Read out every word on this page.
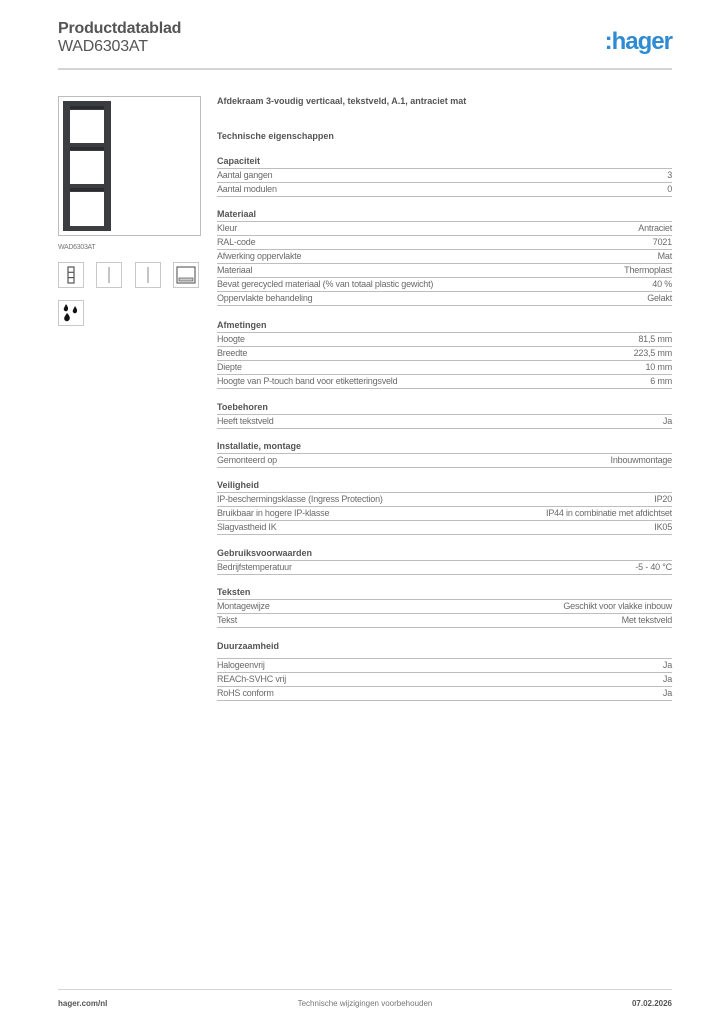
Productdatablad
WAD6303AT	:hager
WAD6303AT
Afdekraam 3-voudig verticaal, tekstveld, A.1, antraciet mat
Technische eigenschappen
Capaciteit
Aantal gangen	3
Aantal modulen	0
Materiaal
Kleur	Antraciet
RAL-code	7021
Afwerking oppervlakte	Mat
Materiaal	Thermoplast
Bevat gerecycled materiaal (% van totaal plastic gewicht)	40 %
Oppervlakte behandeling	Gelakt
Afmetingen
Hoogte	81,5 mm
Breedte	223,5 mm
Diepte	10 mm
Hoogte van P-touch band voor etiketteringsveld	6 mm
Toebehoren
Heeft tekstveld	Ja
Installatie, montage
Gemonteerd op	Inbouwmontage
Veiligheid
IP-beschermingsklasse (Ingress Protection)	IP20
Bruikbaar in hogere IP-klasse	IP44 in combinatie met afdichtset
Slagvastheid IK	IK05
Gebruiksvoorwaarden
Bedrijfstemperatuur	-5 - 40 °C
Teksten
Montagewijze	Geschikt voor vlakke inbouw
Tekst	Met tekstveld
Duurzaamheid
Halogeenvrij	Ja
REACh-SVHC vrij	Ja
RoHS conform	Ja
hager.com/nl	Technische wijzigingen voorbehouden	07.02.2026
